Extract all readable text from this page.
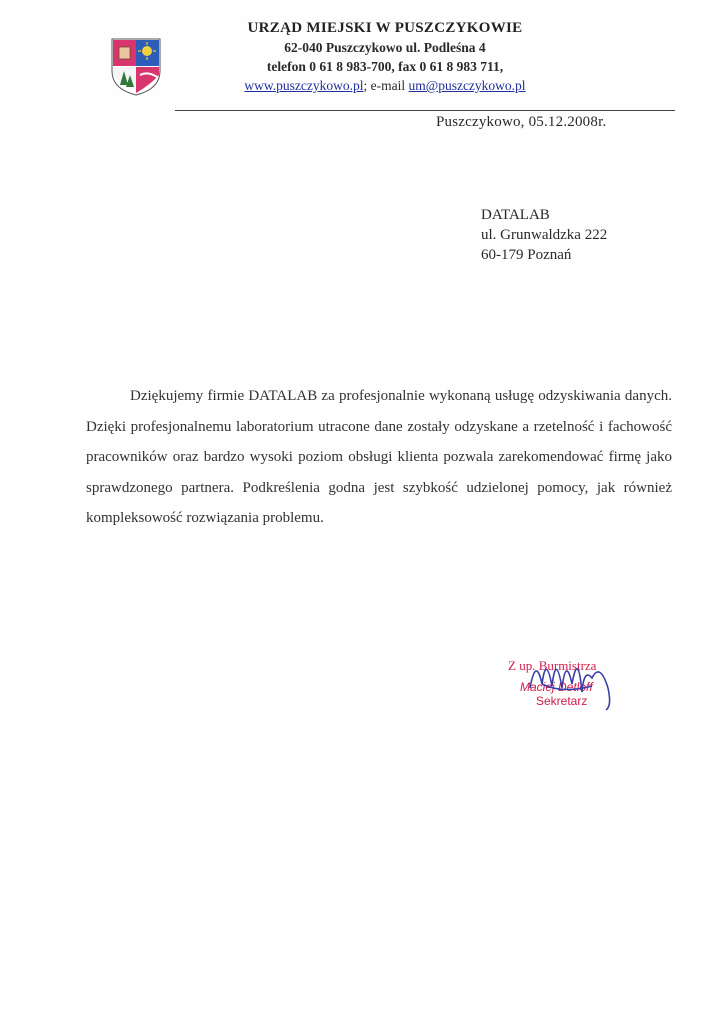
URZĄD MIEJSKI W PUSZCZYKOWIE
62-040 Puszczykowo ul. Podleśna 4
telefon 0 61 8 983-700, fax 0 61 8 983 711,
www.puszczykowo.pl; e-mail um@puszczykowo.pl
Puszczykowo, 05.12.2008r.
DATALAB
ul. Grunwaldzka 222
60-179 Poznań
Dziękujemy firmie DATALAB za profesjonalnie wykonaną usługę odzyskiwania danych. Dzięki profesjonalnemu laboratorium utracone dane zostały odzyskane a rzetelność i fachowość pracowników oraz bardzo wysoki poziom obsługi klienta pozwala zarekomendować firmę jako sprawdzonego partnera. Podkreślenia godna jest szybkość udzielonej pomocy, jak również kompleksowość rozwiązania problemu.
Z up. Burmistrza
Maciej Detloff
Sekretarz
